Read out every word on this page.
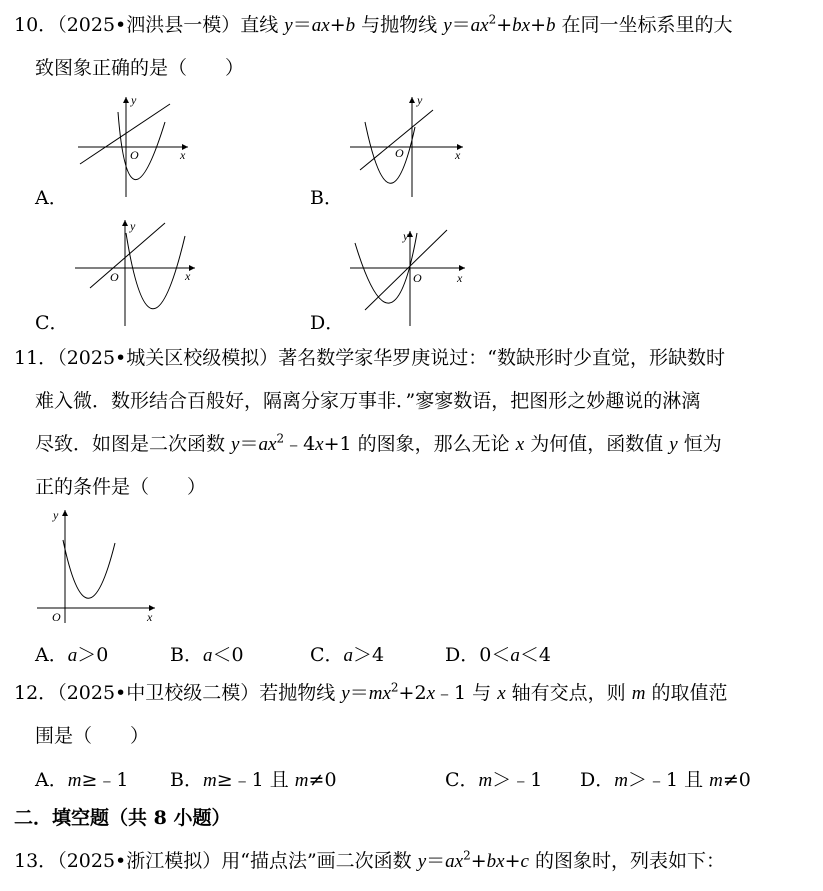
10．（2025•泗洪县一模）直线 y＝ax+b 与抛物线 $y=ax^2+bx+b$ 在同一坐标系里的大
致图象正确的是（　　）
y
x
O
A．
y
x
O
B．
y
x
O
C．
y
x
O
D．
11．（2025•城关区校级模拟）著名数学家华罗庚说过：“数缺形时少直觉，形缺数时
难入微．数形结合百般好，隔离分家万事非．”寥寥数语，把图形之妙趣说的淋漓
尽致．如图是二次函数 $y=ax^2﹣4x+1$ 的图象，那么无论 x 为何值，函数值 y 恒为
正的条件是（　　）
y
x
O
A．a＞0	B．a＜0	C．a＞4	D．0＜a＜4
12．（2025•中卫校级二模）若抛物线 $y=mx^2+2x﹣1$ 与 x 轴有交点，则 m 的取值范
围是（　　）
A．m≥﹣1 B．m≥﹣1 且 m≠0	C．m＞﹣1 D．m＞﹣1 且 m≠0
二．填空题（共 8 小题）
13．（2025•浙江模拟）用“描点法”画二次函数 $y=ax^2+bx+c$ 的图象时，列表如下：
